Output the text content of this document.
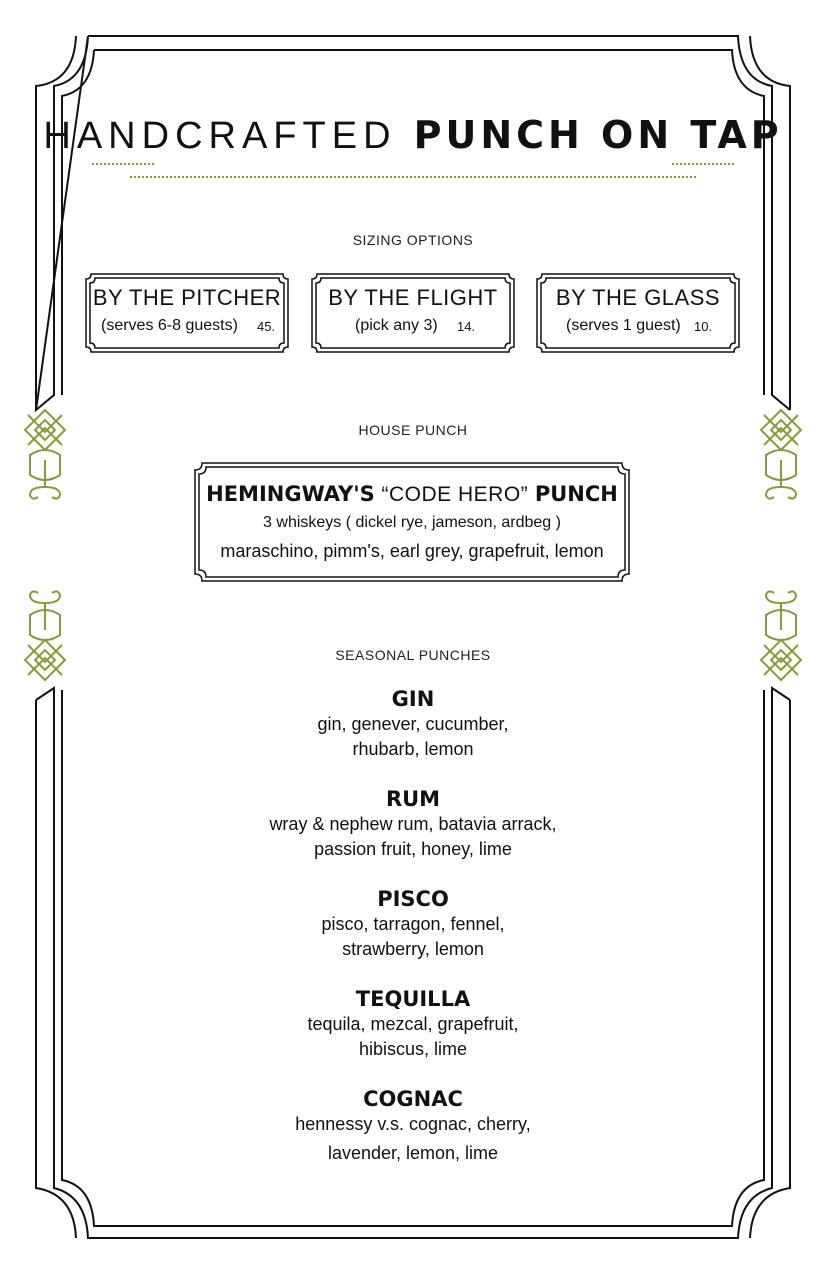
HANDCRAFTED PUNCH ON TAP
SIZING OPTIONS
BY THE PITCHER
(serves 6-8 guests) 45.
BY THE FLIGHT
(pick any 3) 14.
BY THE GLASS
(serves 1 guest) 10.
HOUSE PUNCH
HEMINGWAY'S “CODE HERO” PUNCH
3 whiskeys ( dickel rye, jameson, ardbeg )
maraschino, pimm's, earl grey, grapefruit, lemon
SEASONAL PUNCHES
GIN
gin, genever, cucumber,
rhubarb, lemon
RUM
wray & nephew rum, batavia arrack,
passion fruit, honey, lime
PISCO
pisco, tarragon, fennel,
strawberry, lemon
TEQUILLA
tequila, mezcal, grapefruit,
hibiscus, lime
COGNAC
hennessy v.s. cognac, cherry,
lavender, lemon, lime
